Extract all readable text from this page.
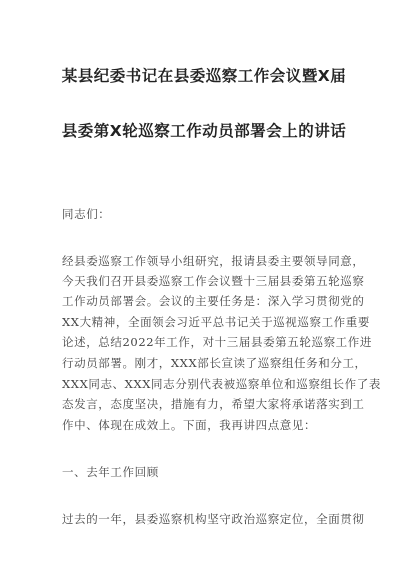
某县纪委书记在县委巡察工作会议暨X届
县委第X轮巡察工作动员部署会上的讲话
同志们：
经县委巡察工作领导小组研究，报请县委主要领导同意，
今天我们召开县委巡察工作会议暨十三届县委第五轮巡察
工作动员部署会。会议的主要任务是：深入学习贯彻党的
XX大精神，全面领会习近平总书记关于巡视巡察工作重要
论述，总结2022年工作，对十三届县委第五轮巡察工作进
行动员部署。刚才，XXX部长宣读了巡察组任务和分工，
XXX同志、XXX同志分别代表被巡察单位和巡察组长作了表
态发言，态度坚决，措施有力，希望大家将承诺落实到工
作中、体现在成效上。下面，我再讲四点意见：
一、去年工作回顾
过去的一年，县委巡察机构坚守政治巡察定位，全面贯彻
